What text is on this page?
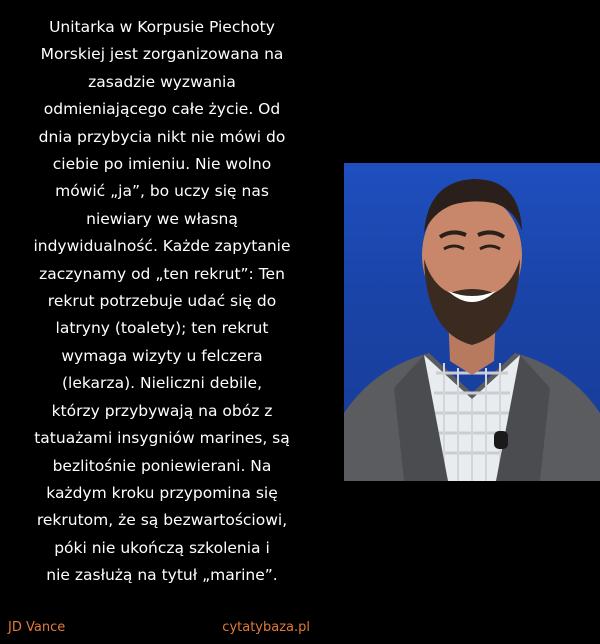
Unitarka w Korpusie Piechoty
Morskiej jest zorganizowana na
zasadzie wyzwania
odmieniającego całe życie. Od
dnia przybycia nikt nie mówi do
ciebie po imieniu. Nie wolno
mówić „ja”, bo uczy się nas
niewiary we własną
indywidualność. Każde zapytanie
zaczynamy od „ten rekrut”: Ten
rekrut potrzebuje udać się do
latryny (toalety); ten rekrut
wymaga wizyty u felczera
(lekarza). Nieliczni debile,
którzy przybywają na obóz z
tatuażami insygniów marines, są
bezlitośnie poniewierani. Na
każdym kroku przypomina się
rekrutom, że są bezwartościowi,
póki nie ukończą szkolenia i
nie zasłużą na tytuł „marine”.

JD Vance	cytatybaza.pl
